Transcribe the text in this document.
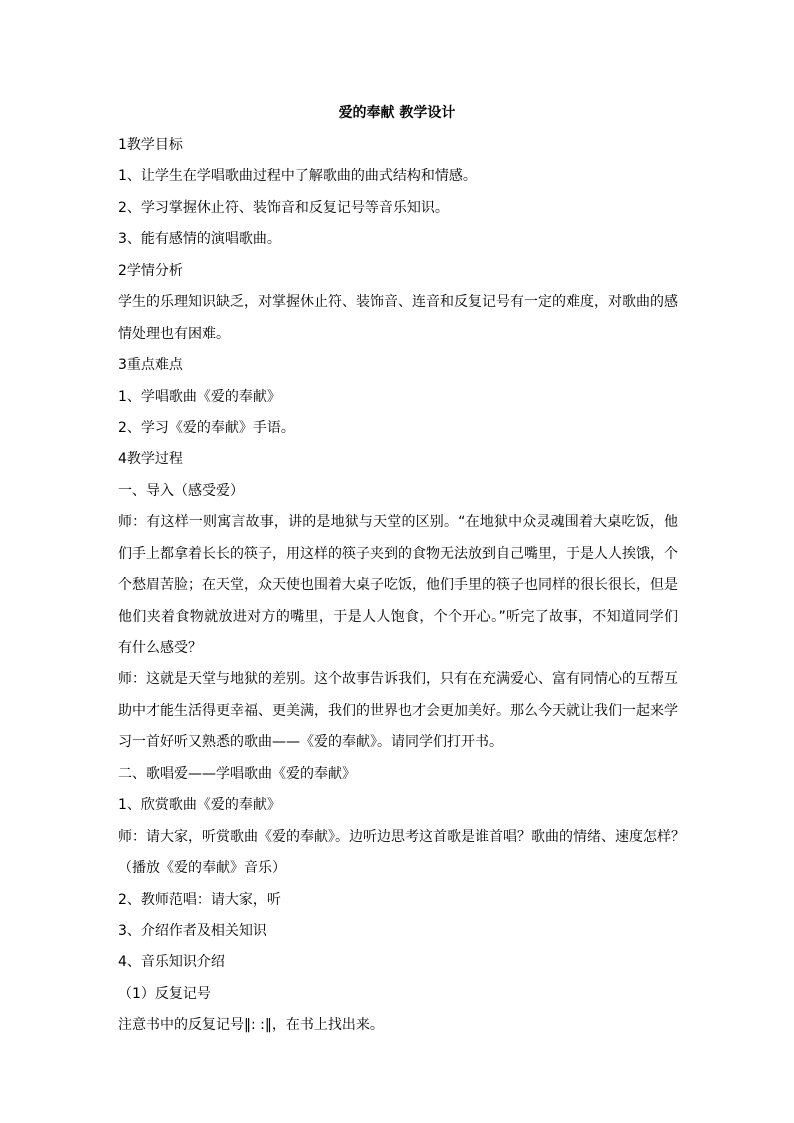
爱的奉献 教学设计
1教学目标
1、让学生在学唱歌曲过程中了解歌曲的曲式结构和情感。
2、学习掌握休止符、装饰音和反复记号等音乐知识。
3、能有感情的演唱歌曲。
2学情分析
学生的乐理知识缺乏，对掌握休止符、装饰音、连音和反复记号有一定的难度，对歌曲的感
情处理也有困难。
3重点难点
1、学唱歌曲《爱的奉献》
2、学习《爱的奉献》手语。
4教学过程
一、导入（感受爱）
师：有这样一则寓言故事，讲的是地狱与天堂的区别。“在地狱中众灵魂围着大桌吃饭，他
们手上都拿着长长的筷子，用这样的筷子夹到的食物无法放到自己嘴里，于是人人挨饿，个
个愁眉苦脸；在天堂，众天使也围着大桌子吃饭，他们手里的筷子也同样的很长很长，但是
他们夹着食物就放进对方的嘴里，于是人人饱食，个个开心。”听完了故事，不知道同学们
有什么感受？
师：这就是天堂与地狱的差别。这个故事告诉我们，只有在充满爱心、富有同情心的互帮互
助中才能生活得更幸福、更美满，我们的世界也才会更加美好。那么今天就让我们一起来学
习一首好听又熟悉的歌曲——《爱的奉献》。请同学们打开书。
二、歌唱爱——学唱歌曲《爱的奉献》
1、欣赏歌曲《爱的奉献》
师：请大家，听赏歌曲《爱的奉献》。边听边思考这首歌是谁首唱？歌曲的情绪、速度怎样？
（播放《爱的奉献》音乐）
2、教师范唱：请大家，听
3、介绍作者及相关知识
4、音乐知识介绍
（1）反复记号
注意书中的反复记号‖: :‖，在书上找出来。
